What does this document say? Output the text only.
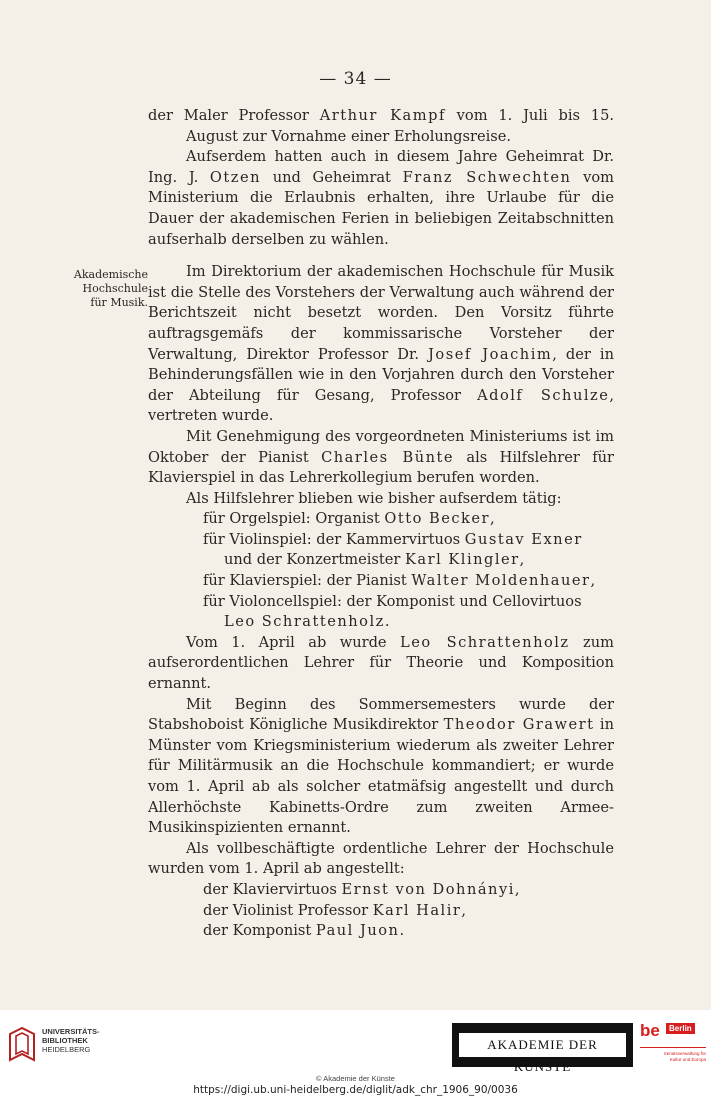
— 34 —
Akademische
Hochschule
für Musik.

der Maler Professor Arthur Kampf vom 1. Juli bis 15. August zur Vornahme einer Erholungsreise.

Aufserdem hatten auch in diesem Jahre Geheimrat Dr. Ing. J. Otzen und Geheimrat Franz Schwechten vom Ministerium die Erlaubnis erhalten, ihre Urlaube für die Dauer der akademischen Ferien in beliebigen Zeitabschnitten aufserhalb derselben zu wählen.

Im Direktorium der akademischen Hochschule für Musik ist die Stelle des Vorstehers der Verwaltung auch während der Berichtszeit nicht besetzt worden. Den Vorsitz führte auftragsgemäfs der kommissarische Vorsteher der Verwaltung, Direktor Professor Dr. Josef Joachim, der in Behinderungsfällen wie in den Vorjahren durch den Vorsteher der Abteilung für Gesang, Professor Adolf Schulze, vertreten wurde.

Mit Genehmigung des vorgeordneten Ministeriums ist im Oktober der Pianist Charles Bünte als Hilfslehrer für Klavierspiel in das Lehrerkollegium berufen worden.

Als Hilfslehrer blieben wie bisher aufserdem tätig:

für Orgelspiel: Organist Otto Becker,
für Violinspiel: der Kammervirtuos Gustav Exner
und der Konzertmeister Karl Klingler,
für Klavierspiel: der Pianist Walter Moldenhauer,
für Violoncellspiel: der Komponist und Cellovirtuos Leo Schrattenholz.

Vom 1. April ab wurde Leo Schrattenholz zum aufserordentlichen Lehrer für Theorie und Komposition ernannt.

Mit Beginn des Sommersemesters wurde der Stabshoboist Königliche Musikdirektor Theodor Grawert in Münster vom Kriegsministerium wiederum als zweiter Lehrer für Militärmusik an die Hochschule kommandiert; er wurde vom 1. April ab als solcher etatmäfsig angestellt und durch Allerhöchste Kabinetts-Ordre zum zweiten Armee-Musikinspizienten ernannt.

Als vollbeschäftigte ordentliche Lehrer der Hochschule wurden vom 1. April ab angestellt:

der Klaviervirtuos Ernst von Dohnányi,
der Violinist Professor Karl Halir,
der Komponist Paul Juon.
UNIVERSITÄTS-
BIBLIOTHEK
HEIDELBERG	AKADEMIE DER KÜNSTE
be	Berlin
Senatsverwaltung für Kultur und Europa
© Akademie der Künste
https://digi.ub.uni-heidelberg.de/diglit/adk_chr_1906_90/0036
